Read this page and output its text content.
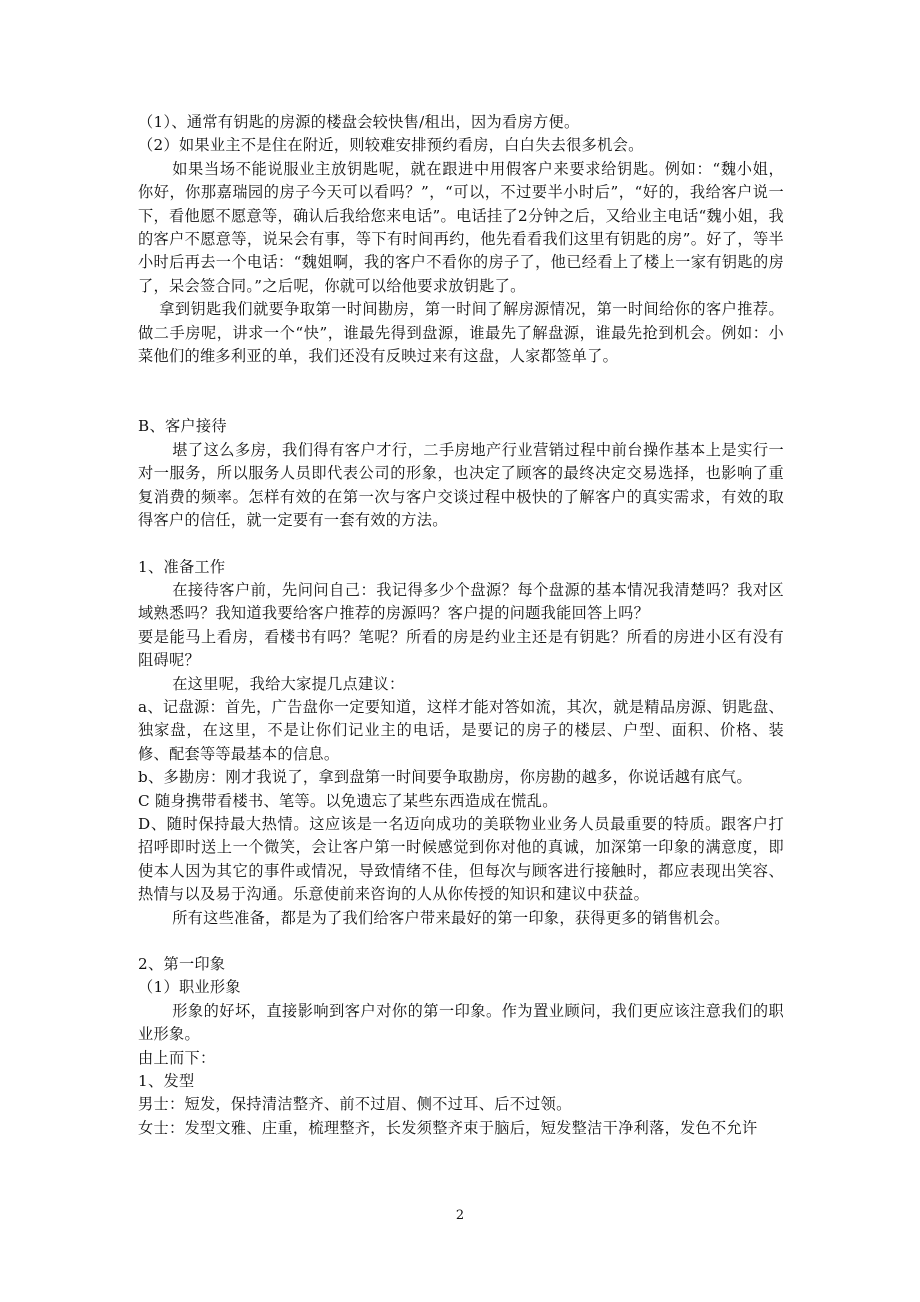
（1）、通常有钥匙的房源的楼盘会较快售/租出，因为看房方便。

（2）如果业主不是住在附近，则较难安排预约看房，白白失去很多机会。

如果当场不能说服业主放钥匙呢，就在跟进中用假客户来要求给钥匙。例如：“魏小姐，你好，你那嘉瑞园的房子今天可以看吗？”，“可以，不过要半小时后”，“好的，我给客户说一下，看他愿不愿意等，确认后我给您来电话”。电话挂了2分钟之后，又给业主电话“魏小姐，我的客户不愿意等，说呆会有事，等下有时间再约，他先看看我们这里有钥匙的房”。好了，等半小时后再去一个电话：“魏姐啊，我的客户不看你的房子了，他已经看上了楼上一家有钥匙的房了，呆会签合同。”之后呢，你就可以给他要求放钥匙了。

拿到钥匙我们就要争取第一时间勘房，第一时间了解房源情况，第一时间给你的客户推荐。做二手房呢，讲求一个“快”，谁最先得到盘源，谁最先了解盘源，谁最先抢到机会。例如：小菜他们的维多利亚的单，我们还没有反映过来有这盘，人家都签单了。

B、客户接待

堪了这么多房，我们得有客户才行，二手房地产行业营销过程中前台操作基本上是实行一对一服务，所以服务人员即代表公司的形象，也决定了顾客的最终决定交易选择，也影响了重复消费的频率。怎样有效的在第一次与客户交谈过程中极快的了解客户的真实需求，有效的取得客户的信任，就一定要有一套有效的方法。

1、准备工作

在接待客户前，先问问自己：我记得多少个盘源？每个盘源的基本情况我清楚吗？我对区域熟悉吗？我知道我要给客户推荐的房源吗？客户提的问题我能回答上吗？

要是能马上看房，看楼书有吗？笔呢？所看的房是约业主还是有钥匙？所看的房进小区有没有阻碍呢？

在这里呢，我给大家提几点建议：

a、记盘源：首先，广告盘你一定要知道，这样才能对答如流，其次，就是精品房源、钥匙盘、独家盘，在这里，不是让你们记业主的电话，是要记的房子的楼层、户型、面积、价格、装修、配套等等最基本的信息。

b、多勘房：刚才我说了，拿到盘第一时间要争取勘房，你房勘的越多，你说话越有底气。

C 随身携带看楼书、笔等。以免遗忘了某些东西造成在慌乱。

D、随时保持最大热情。这应该是一名迈向成功的美联物业业务人员最重要的特质。跟客户打招呼即时送上一个微笑，会让客户第一时候感觉到你对他的真诚，加深第一印象的满意度，即使本人因为其它的事件或情况，导致情绪不佳，但每次与顾客进行接触时，都应表现出笑容、热情与以及易于沟通。乐意使前来咨询的人从你传授的知识和建议中获益。

所有这些准备，都是为了我们给客户带来最好的第一印象，获得更多的销售机会。

2、第一印象

（1）职业形象

形象的好坏，直接影响到客户对你的第一印象。作为置业顾问，我们更应该注意我们的职业形象。

由上而下：

1、发型

男士：短发，保持清洁整齐、前不过眉、侧不过耳、后不过领。

女士：发型文雅、庄重，梳理整齐，长发须整齐束于脑后，短发整洁干净利落，发色不允许

2
